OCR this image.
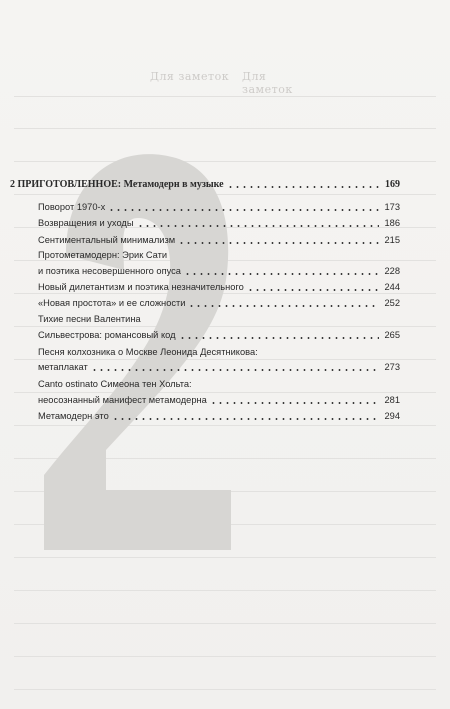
Для заметок Для заметок
2 ПРИГОТОВЛЕННОЕ: Метамодерн в музыке	169
Поворот 1970-х	173
Возвращения и уходы	186
Сентиментальный минимализм	215
Протометамодерн: Эрик Сати
и поэтика несовершенного опуса	228
Новый дилетантизм и поэтика незначительного	244
«Новая простота» и ее сложности	252
Тихие песни Валентина
Сильвестрова: романсовый код	265
Песня колхозника о Москве Леонида Десятникова:
метаплакат	273
Canto ostinato Симеона тен Хольта:
неосознанный манифест метамодерна	281
Метамодерн это	294
